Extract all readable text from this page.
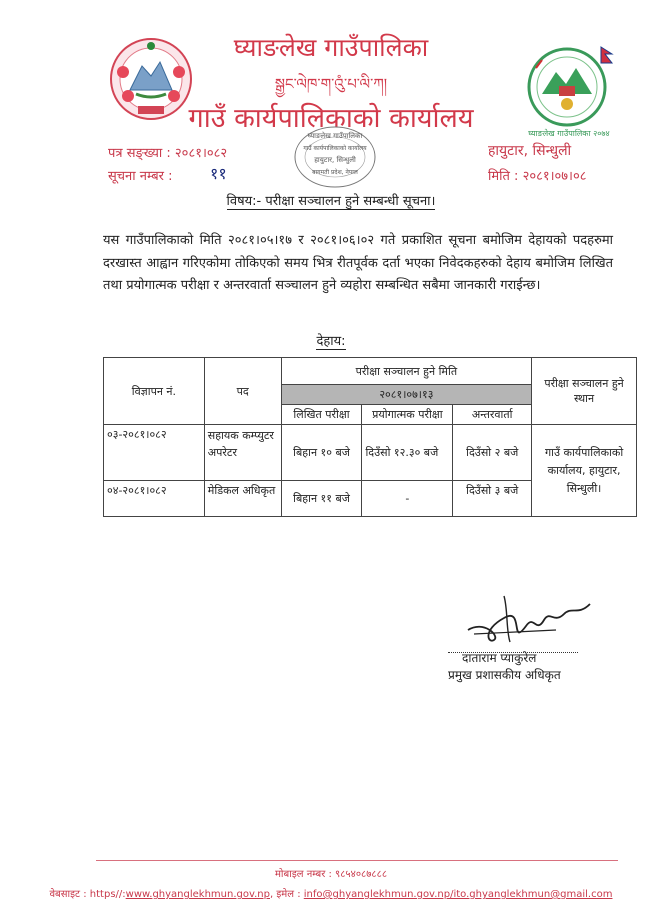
घ्याङलेख गाउँपालिका २०७४
घ्याङलेख गाउँपालिका
སྒྱང་ལེཁ་ག་འུཾ་པ་ལི་ཀ།
गाउँ कार्यपालिकाको कार्यालय
घ्याङलेख गाउँपालिका
गाउँ कार्यपालिकाको कार्यालय
हायुटार, सिन्धुली
बागमती प्रदेश, नेपाल
पत्र सङ्ख्या : २०८१।०८२
सूचना नम्बर : ११
हायुटार, सिन्धुली
मिति : २०८१।०७।०८
विषय:- परीक्षा सञ्चालन हुने सम्बन्धी सूचना।
यस गाउँपालिकाको मिति २०८१।०५।१७ र २०८१।०६।०२ गते प्रकाशित सूचना बमोजिम देहायको पदहरुमा दरखास्त आह्वान गरिएकोमा तोकिएको समय भित्र रीतपूर्वक दर्ता भएका निवेदकहरुको देहाय बमोजिम लिखित तथा प्रयोगात्मक परीक्षा र अन्तरवार्ता सञ्चालन हुने व्यहोरा सम्बन्धित सबैमा जानकारी गराईन्छ।
देहाय:
विज्ञापन नं.	पद	परीक्षा सञ्चालन हुने मिति			परीक्षा सञ्चालन हुने स्थान
		२०८१।०७।१३			
		लिखित परीक्षा	प्रयोगात्मक परीक्षा	अन्तरवार्ता	
०३-२०८१।०८२	सहायक कम्प्युटर अपरेटर	बिहान १० बजे	दिउँसो १२.३० बजे	दिउँसो २ बजे	गाउँ कार्यपालिकाको कार्यालय, हायुटार, सिन्धुली।
०४-२०८१।०८२	मेडिकल अधिकृत	बिहान ११ बजे	-	दिउँसो ३ बजे	
दाताराम प्याकुरेल
प्रमुख प्रशासकीय अधिकृत
मोबाइल नम्बर : ९८५४०८७८८८
वेबसाइट : https//:www.ghyanglekhmun.gov.np, इमेल : info@ghyanglekhmun.gov.np/ito.ghyanglekhmun@gmail.com
